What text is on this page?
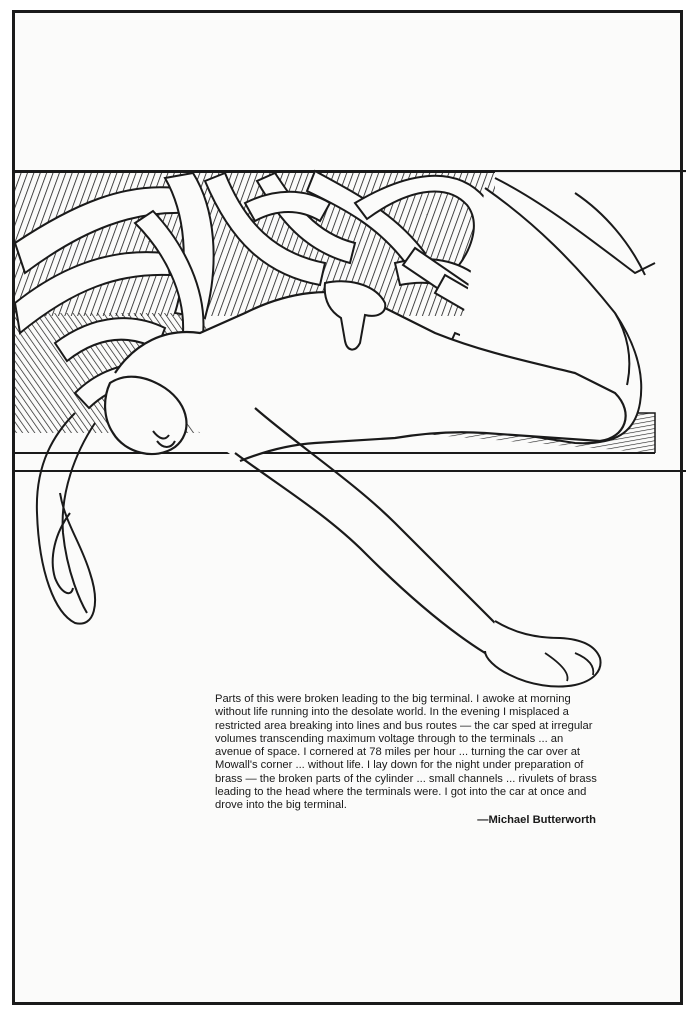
Parts of this were broken leading to the big terminal. I awoke at morning without life running into the desolate world. In the evening I misplaced a restricted area breaking into lines and bus routes — the car sped at irregular volumes transcending maximum voltage through to the terminals ... an avenue of space. I cornered at 78 miles per hour ... turning the car over at Mowall's corner ... without life. I lay down for the night under preparation of brass — the broken parts of the cylinder ... small channels ... rivulets of brass leading to the head where the terminals were. I got into the car at once and drove into the big terminal.

—Michael Butterworth
